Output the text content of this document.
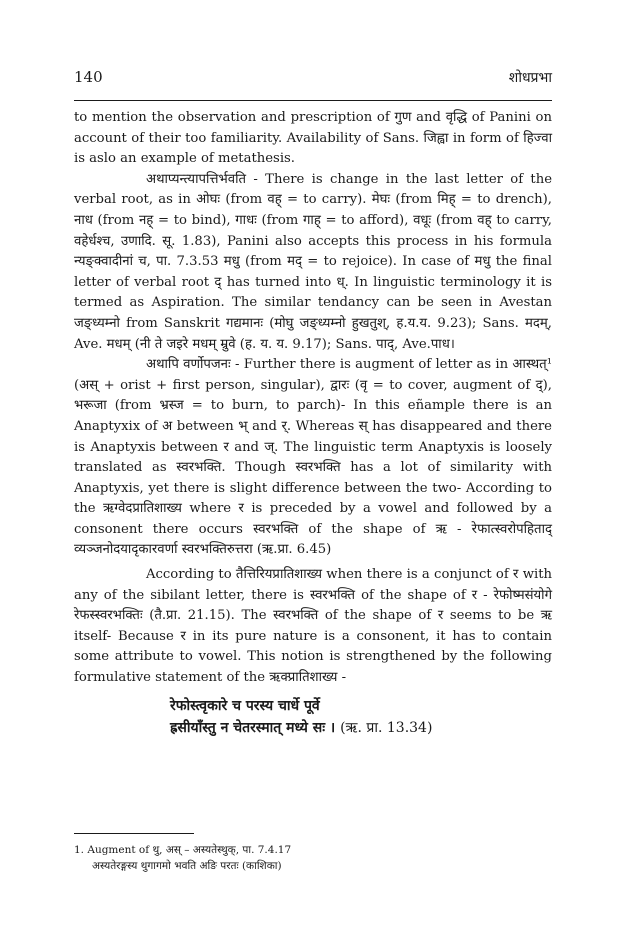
140	शोधप्रभा

to mention the observation and prescription of गुण and वृद्धि of Panini on account of their too familiarity. Availability of Sans. जिह्वा in form of हिज्वा is aslo an example of metathesis.

अथाप्यन्त्यापत्तिर्भवति - There is change in the last letter of the verbal root, as in ओघः (from वह् = to carry). मेघः (from मिह् = to drench), नाध (from नह् = to bind), गाधः (from गाह् = to afford), वधूः (from वह् to carry, वहेर्धश्च, उणादि. सू. 1.83), Panini also accepts this process in his formula न्यङ्क्वादीनां च, पा. 7.3.53 मधु (from मद् = to rejoice). In case of मधु the final letter of verbal root द् has turned into ध्. In linguistic terminology it is termed as Aspiration. The similar tendancy can be seen in Avestan जङ्ध्यम्नो from Sanskrit गद्यमानः (मोघु जङ्ध्यम्नो हुखतुश्, ह.य.य. 9.23); Sans. मदम्, Ave. मधम् (नी ते जइरे मधम् म्रुवे (ह. य. य. 9.17); Sans. पाद्, Ave.पाध।

अथापि वर्णोपजनः - Further there is augment of letter as in आस्थत्¹ (अस् + orist + first person, singular), द्वारः (वृ = to cover, augment of द्), भरूजा (from भ्रस्ज = to burn, to parch)- In this eñample there is an Anaptyxix of अ between भ् and र्. Whereas स् has disappeared and there is Anaptyxis between र and ज्. The linguistic term Anaptyxis is loosely translated as स्वरभक्ति. Though स्वरभक्ति has a lot of similarity with Anaptyxis, yet there is slight difference between the two- According to the ऋग्वेदप्रातिशाख्य where र is preceded by a vowel and followed by a consonent there occurs स्वरभक्ति of the shape of ऋ - रेफात्स्वरोपहिताद् व्यञ्जनोदयादृकारवर्णा स्वरभक्तिरुत्तरा (ऋ.प्रा. 6.45)

According to तैत्तिरियप्रातिशाख्य when there is a conjunct of र with any of the sibilant letter, there is स्वरभक्ति of the shape of र - रेफोष्मसंयोगे रेफस्स्वरभक्तिः (तै.प्रा. 21.15). The स्वरभक्ति of the shape of र seems to be ऋ itself- Because र in its pure nature is a consonent, it has to contain some attribute to vowel. This notion is strengthened by the following formulative statement of the ऋक्प्रातिशाख्य -

रेफोस्त्वृकारे च परस्य चार्धे पूर्वे
ह्रसीयाँस्तु न चेतरस्मात् मध्ये सः । (ऋ. प्रा. 13.34)
1. Augment of थु, अस् – अस्यतेस्थुक्, पा. 7.4.17
अस्यतेरङ्गस्य थुगागमो भवति अङि परतः (काशिका)
